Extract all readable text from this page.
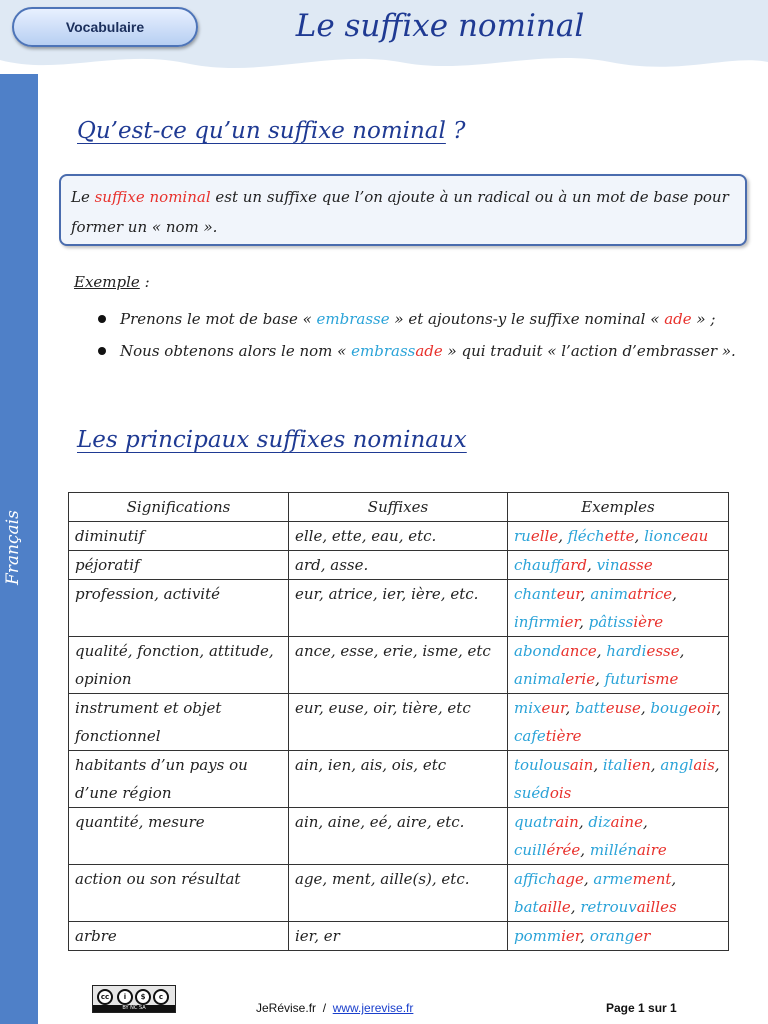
Vocabulaire	Le suffixe nominal
Qu’est-ce qu’un suffixe nominal ?
Le suffixe nominal est un suffixe que l’on ajoute à un radical ou à un mot de base pour former un « nom ».
Exemple :
Prenons le mot de base « embrasse » et ajoutons-y le suffixe nominal « ade » ;
Nous obtenons alors le nom « embrassade » qui traduit « l’action d’embrasser ».
Les principaux suffixes nominaux
Significations	Suffixes	Exemples
diminutif	elle, ette, eau, etc.	ruelle, fléchette, lionceau
péjoratif	ard, asse.	chauffard, vinasse
profession, activité	eur, atrice, ier, ière, etc.	chanteur, animatrice, infirmier, pâtissière
qualité, fonction, attitude, opinion	ance, esse, erie, isme, etc	abondance, hardiesse, animalerie, futurisme
instrument et objet fonctionnel	eur, euse, oir, tière, etc	mixeur, batteuse, bougeoir, cafetière
habitants d’un pays ou d’une région	ain, ien, ais, ois, etc	toulousain, italien, anglais, suédois
quantité, mesure	ain, aine, eé, aire, etc.	quatrain, dizaine, cuillérée, millénaire
action ou son résultat	age, ment, aille(s), etc.	affichage, armement, bataille, retrouvailles
arbre	ier, er	pommier, oranger
cc	i	$	c
BY NC SA	JeRévise.fr  /  www.jerevise.fr	Page 1 sur 1
